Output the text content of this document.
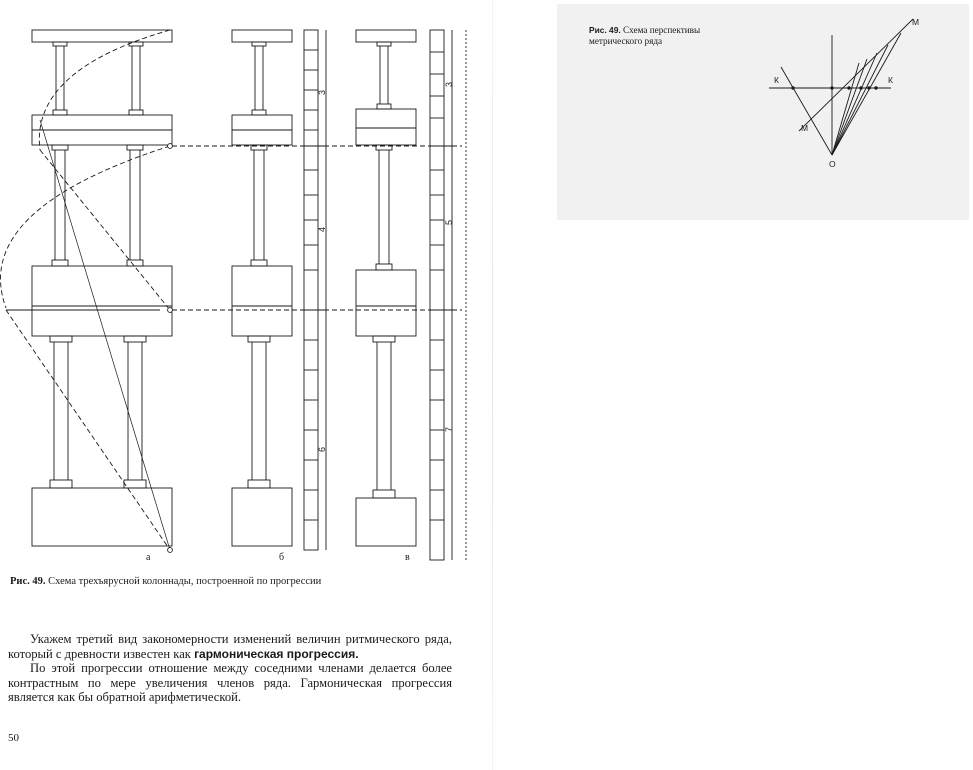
3
4
6
3
5
7
а	б	в
Рис. 49. Схема трехъярусной колоннады, построенной по прогрессии

Укажем третий вид закономерности изменений величин ритмического ряда, который с древности известен как гармоническая прогрессия.

По этой прогрессии отношение между соседними членами делается более контрастным по мере увеличения членов ряда. Гармоническая прогрессия является как бы обратной арифметической.

50
Рис. 49. Схема перспективы метрического ряда
К	К
М
М
О
